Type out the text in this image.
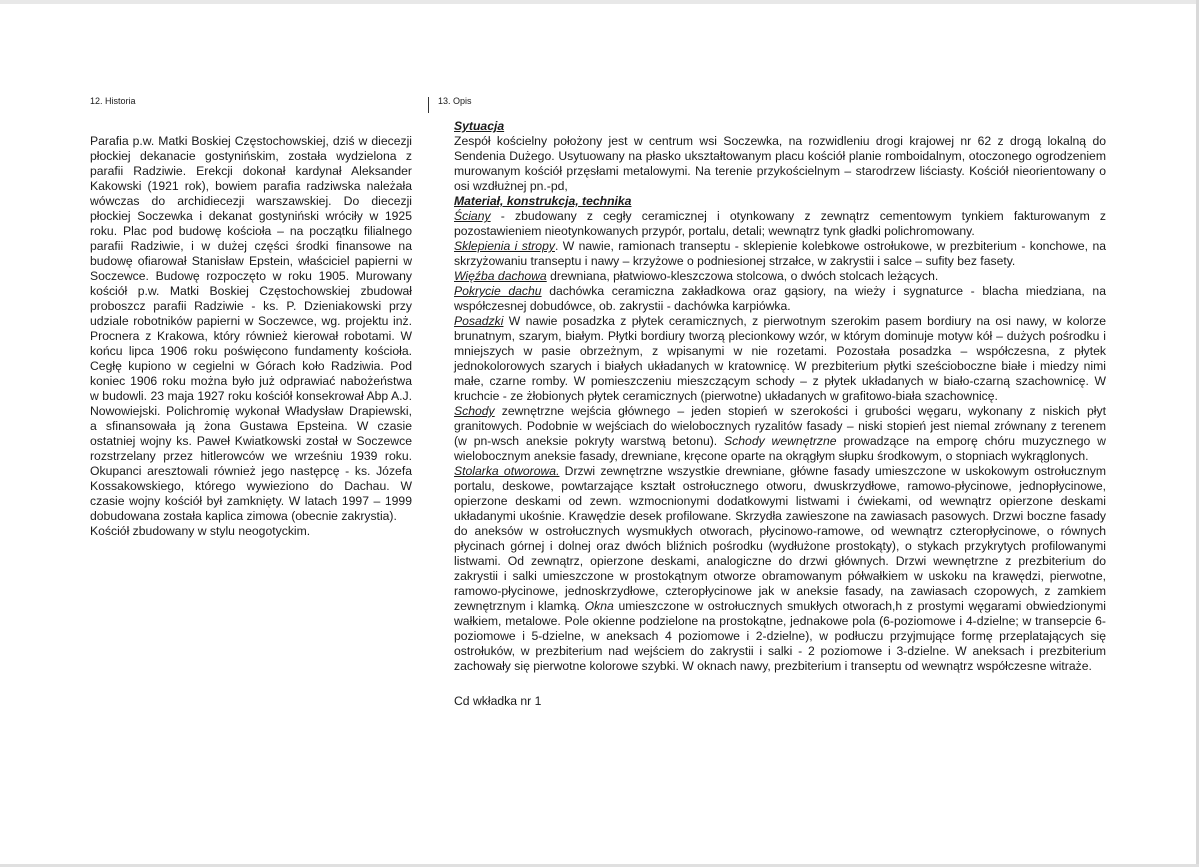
12. Historia

Parafia p.w. Matki Boskiej Częstochowskiej, dziś w diecezji płockiej dekanacie gostynińskim, została wydzielona z parafii Radziwie. Erekcji dokonał kardynał Aleksander Kakowski (1921 rok), bowiem parafia radziwska należała wówczas do archidiecezji warszawskiej. Do diecezji płockiej Soczewka i dekanat gostyniński wróciły w 1925 roku. Plac pod budowę kościoła – na początku filialnego parafii Radziwie, i w dużej części środki finansowe na budowę ofiarował Stanisław Epstein, właściciel papierni w Soczewce. Budowę rozpoczęto w roku 1905. Murowany kościół p.w. Matki Boskiej Częstochowskiej zbudował proboszcz parafii Radziwie - ks. P. Dzieniakowski przy udziale robotników papierni w Soczewce, wg. projektu inż. Procnera z Krakowa, który również kierował robotami. W końcu lipca 1906 roku poświęcono fundamenty kościoła. Cegłę kupiono w cegielni w Górach koło Radziwia. Pod koniec 1906 roku można było już odprawiać nabożeństwa w budowli. 23 maja 1927 roku kościół konsekrował Abp A.J. Nowowiejski. Polichromię wykonał Władysław Drapiewski, a sfinansowała ją żona Gustawa Epsteina. W czasie ostatniej wojny ks. Paweł Kwiatkowski został w Soczewce rozstrzelany przez hitlerowców we wrześniu 1939 roku. Okupanci aresztowali również jego następcę - ks. Józefa Kossakowskiego, którego wywieziono do Dachau. W czasie wojny kościół był zamknięty. W latach 1997 – 1999 dobudowana została kaplica zimowa (obecnie zakrystia).

Kościół zbudowany w stylu neogotyckim.

13. Opis

Sytuacja
Zespół kościelny położony jest w centrum wsi Soczewka, na rozwidleniu drogi krajowej nr 62 z drogą lokalną do Sendenia Dużego. Usytuowany na płasko ukształtowanym placu kościół planie romboidalnym, otoczonego ogrodzeniem murowanym kościół przęsłami metalowymi. Na terenie przykościelnym – starodrzew liściasty. Kościół nieorientowany o osi wzdłużnej pn.-pd,
Materiał, konstrukcja, technika
Ściany - zbudowany z cegły ceramicznej i otynkowany z zewnątrz cementowym tynkiem fakturowanym z pozostawieniem nieotynkowanych przypór, portalu, detali; wewnątrz tynk gładki polichromowany.
Sklepienia i stropy. W nawie, ramionach transeptu - sklepienie kolebkowe ostrołukowe, w prezbiterium - konchowe, na skrzyżowaniu transeptu i nawy – krzyżowe o podniesionej strzałce, w zakrystii i salce – sufity bez fasety.
Więźba dachowa drewniana, płatwiowo-kleszczowa stolcowa, o dwóch stolcach leżących.
Pokrycie dachu dachówka ceramiczna zakładkowa oraz gąsiory, na wieży i sygnaturce - blacha miedziana, na współczesnej dobudówce, ob. zakrystii - dachówka karpiówka.
Posadzki W nawie posadzka z płytek ceramicznych, z pierwotnym szerokim pasem bordiury na osi nawy, w kolorze brunatnym, szarym, białym. Płytki bordiury tworzą plecionkowy wzór, w którym dominuje motyw kół – dużych pośrodku i mniejszych w pasie obrzeżnym, z wpisanymi w nie rozetami. Pozostała posadzka – współczesna, z płytek jednokolorowych szarych i białych układanych w kratownicę. W prezbiterium płytki sześcioboczne białe i miedzy nimi małe, czarne romby. W pomieszczeniu mieszczącym schody – z płytek układanych w biało-czarną szachownicę. W kruchcie - ze żłobionych płytek ceramicznych (pierwotne) układanych w grafitowo-biała szachownicę.
Schody zewnętrzne wejścia głównego – jeden stopień w szerokości i grubości węgaru, wykonany z niskich płyt granitowych. Podobnie w wejściach do wielobocznych ryzalitów fasady – niski stopień jest niemal zrównany z terenem (w pn-wsch aneksie pokryty warstwą betonu). Schody wewnętrzne prowadzące na emporę chóru muzycznego w wielobocznym aneksie fasady, drewniane, kręcone oparte na okrągłym słupku środkowym, o stopniach wykrąglonych.
Stolarka otworowa. Drzwi zewnętrzne wszystkie drewniane, główne fasady umieszczone w uskokowym ostrołucznym portalu, deskowe, powtarzające kształt ostrołucznego otworu, dwuskrzydłowe, ramowo-płycinowe, jednopłycinowe, opierzone deskami od zewn. wzmocnionymi dodatkowymi listwami i ćwiekami, od wewnątrz opierzone deskami układanymi ukośnie. Krawędzie desek profilowane. Skrzydła zawieszone na zawiasach pasowych. Drzwi boczne fasady do aneksów w ostrołucznych wysmukłych otworach, płycinowo-ramowe, od wewnątrz czteropłycinowe, o równych płycinach górnej i dolnej oraz dwóch bliźnich pośrodku (wydłużone prostokąty), o stykach przykrytych profilowanymi listwami. Od zewnątrz, opierzone deskami, analogiczne do drzwi głównych. Drzwi wewnętrzne z prezbiterium do zakrystii i salki umieszczone w prostokątnym otworze obramowanym półwałkiem w uskoku na krawędzi, pierwotne, ramowo-płycinowe, jednoskrzydłowe, czteropłycinowe jak w aneksie fasady, na zawiasach czopowych, z zamkiem zewnętrznym i klamką. Okna umieszczone w ostrołucznych smukłych otworach,h z prostymi węgarami obwiedzionymi wałkiem, metalowe. Pole okienne podzielone na prostokątne, jednakowe pola (6-poziomowe i 4-dzielne; w transepcie 6-poziomowe i 5-dzielne, w aneksach 4 poziomowe i 2-dzielne), w podłuczu przyjmujące formę przeplatających się ostrołuków, w prezbiterium nad wejściem do zakrystii i salki - 2 poziomowe i 3-dzielne. W aneksach i prezbiterium zachowały się pierwotne kolorowe szybki. W oknach nawy, prezbiterium i transeptu od wewnątrz współczesne witraże.

Cd wkładka nr 1
